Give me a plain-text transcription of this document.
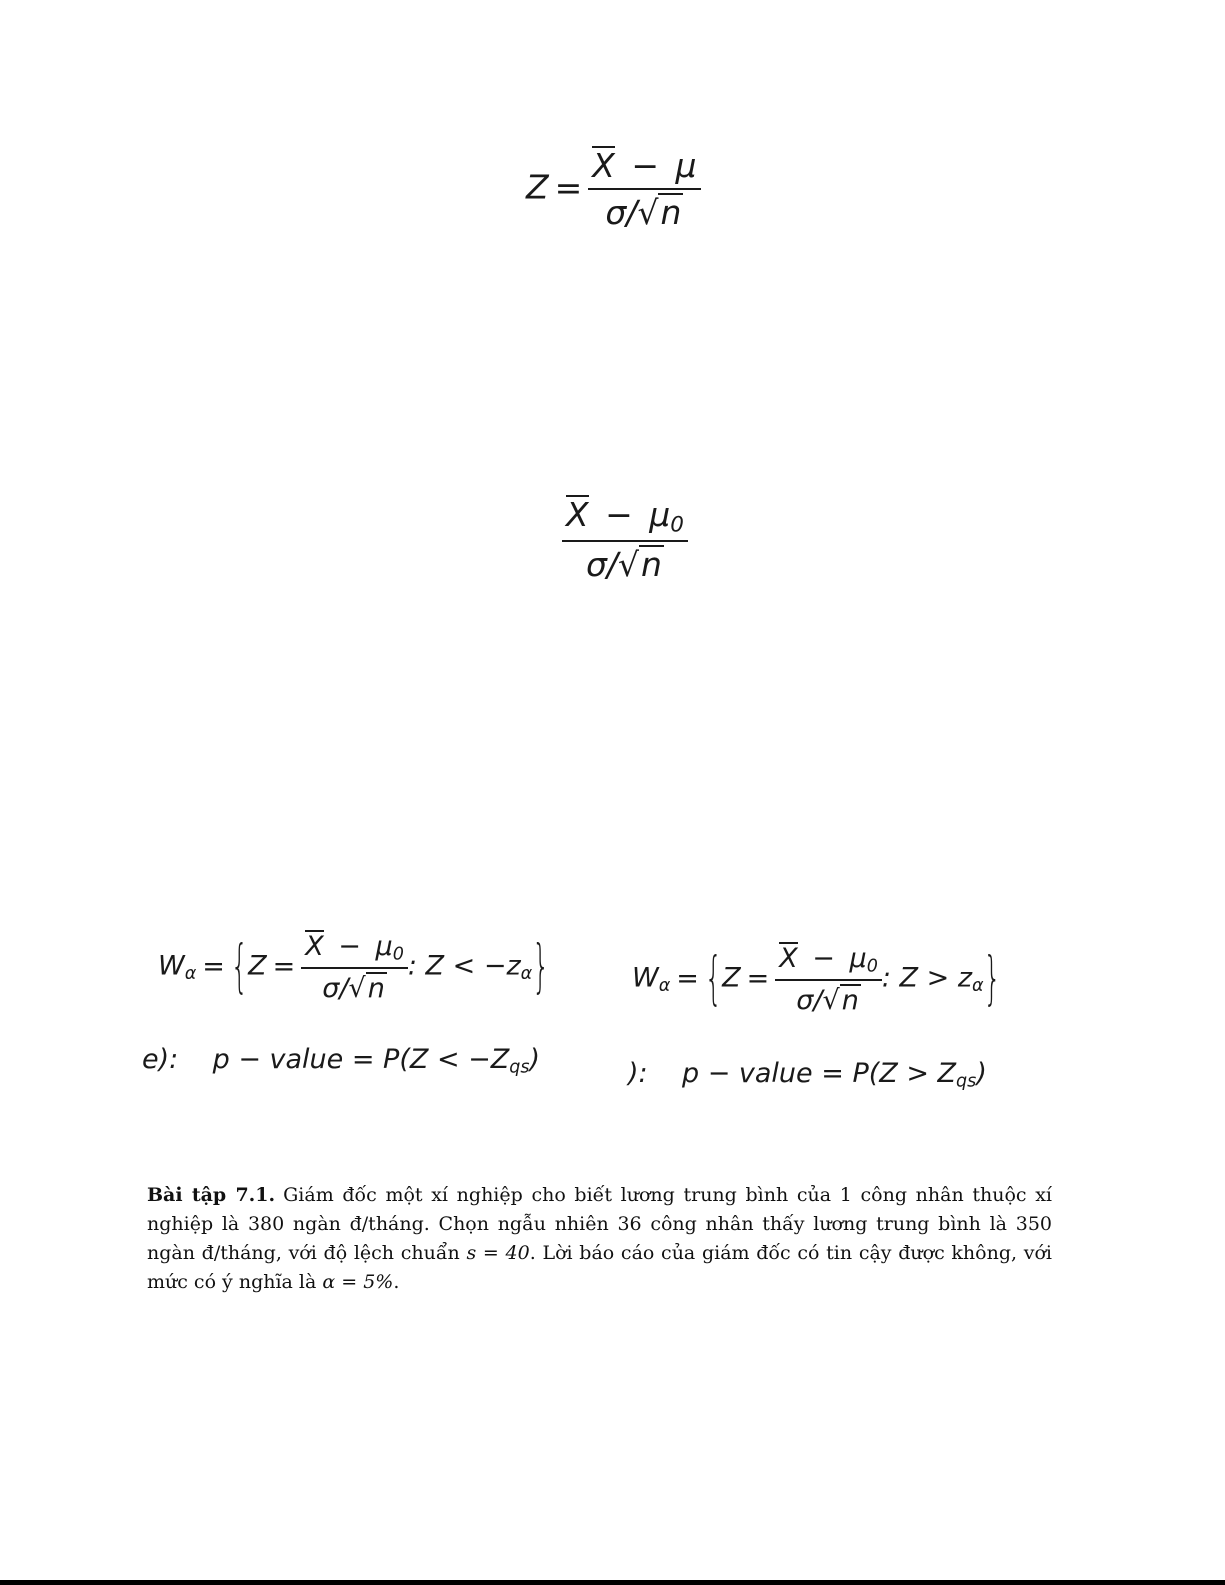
$Z = \frac{X - \mu}{\sigma/√n}$
$\frac{X - \mu_0}{\sigma/√n}$
$W_\alpha = \{Z = \frac{X - \mu_0}{\sigma/√n}$ : $Z < -z_\alpha$}	$W_\alpha = \{Z = \frac{X - \mu_0}{\sigma/√n}$ : $Z > z_\alpha$}
e): p − value = $P(Z < -Z_{qs})$	): p − value = $P(Z > Z_{qs})$

Bài tập 7.1. Giám đốc một xí nghiệp cho biết lương trung bình của 1 công nhân thuộc xí nghiệp là 380 ngàn đ/tháng. Chọn ngẫu nhiên 36 công nhân thấy lương trung bình là 350 ngàn đ/tháng, với độ lệch chuẩn s = 40. Lời báo cáo của giám đốc có tin cậy được không, với mức có ý nghĩa là α = 5%.
